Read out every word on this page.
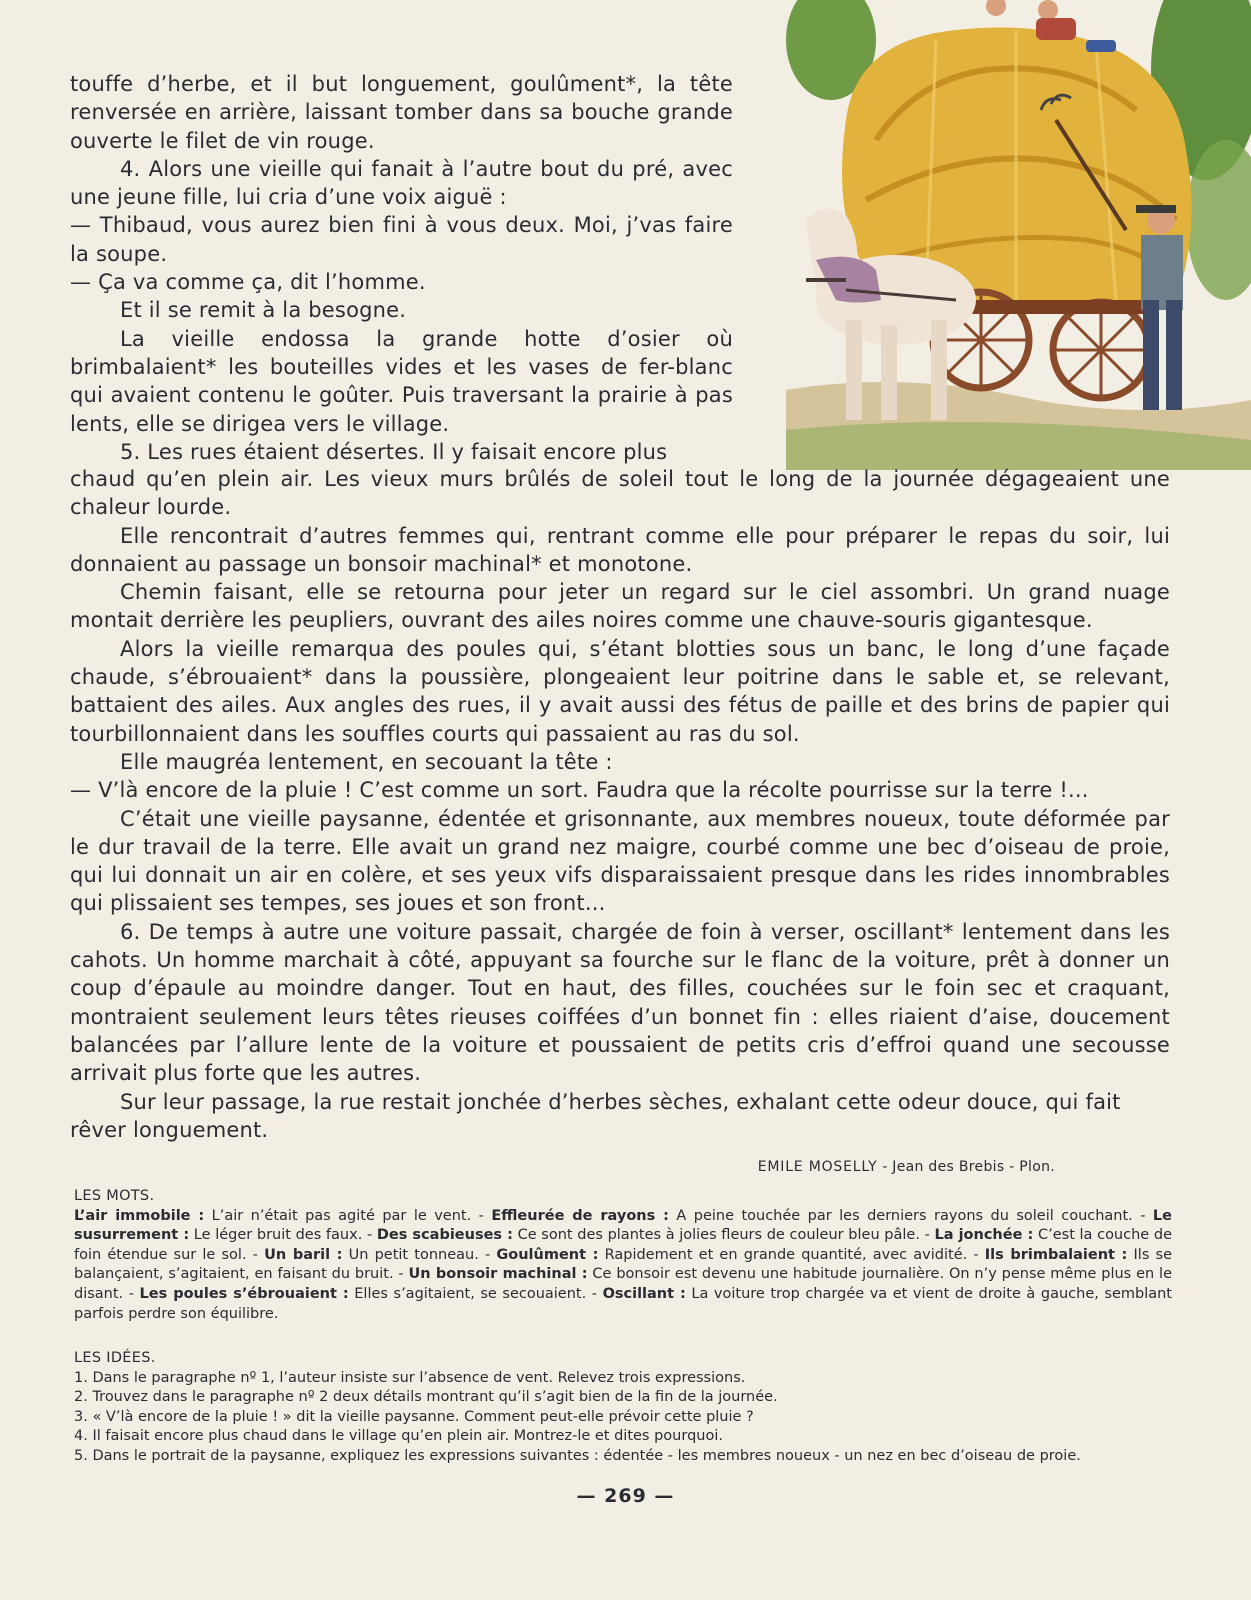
touffe d’herbe, et il but longuement, goulûment*, la tête renversée en arrière, laissant tomber dans sa bouche grande ouverte le filet de vin rouge.

4. Alors une vieille qui fanait à l’autre bout du pré, avec une jeune fille, lui cria d’une voix aiguë :

— Thibaud, vous aurez bien fini à vous deux. Moi, j’vas faire la soupe.

— Ça va comme ça, dit l’homme.

Et il se remit à la besogne.

La vieille endossa la grande hotte d’osier où brimbalaient* les bouteilles vides et les vases de fer-blanc qui avaient contenu le goûter. Puis traversant la prairie à pas lents, elle se dirigea vers le village.

5. Les rues étaient désertes. Il y faisait encore plus

chaud qu’en plein air. Les vieux murs brûlés de soleil tout le long de la journée dégageaient une chaleur lourde.

Elle rencontrait d’autres femmes qui, rentrant comme elle pour préparer le repas du soir, lui donnaient au passage un bonsoir machinal* et monotone.

Chemin faisant, elle se retourna pour jeter un regard sur le ciel assombri. Un grand nuage montait derrière les peupliers, ouvrant des ailes noires comme une chauve-souris gigantesque.

Alors la vieille remarqua des poules qui, s’étant blotties sous un banc, le long d’une façade chaude, s’ébrouaient* dans la poussière, plongeaient leur poitrine dans le sable et, se relevant, battaient des ailes. Aux angles des rues, il y avait aussi des fétus de paille et des brins de papier qui tourbillonnaient dans les souffles courts qui passaient au ras du sol.

Elle maugréa lentement, en secouant la tête :

— V’là encore de la pluie ! C’est comme un sort. Faudra que la récolte pourrisse sur la terre !...

C’était une vieille paysanne, édentée et grisonnante, aux membres noueux, toute déformée par le dur travail de la terre. Elle avait un grand nez maigre, courbé comme une bec d’oiseau de proie, qui lui donnait un air en colère, et ses yeux vifs disparaissaient presque dans les rides innombrables qui plissaient ses tempes, ses joues et son front...

6. De temps à autre une voiture passait, chargée de foin à verser, oscillant* lentement dans les cahots. Un homme marchait à côté, appuyant sa fourche sur le flanc de la voiture, prêt à donner un coup d’épaule au moindre danger. Tout en haut, des filles, couchées sur le foin sec et craquant, montraient seulement leurs têtes rieuses coiffées d’un bonnet fin : elles riaient d’aise, doucement balancées par l’allure lente de la voiture et poussaient de petits cris d’effroi quand une secousse arrivait plus forte que les autres.

Sur leur passage, la rue restait jonchée d’herbes sèches, exhalant cette odeur douce, qui fait rêver longuement.

EMILE MOSELLY - Jean des Brebis - Plon.

LES MOTS.

L’air immobile : L’air n’était pas agité par le vent. - Effleurée de rayons : A peine touchée par les derniers rayons du soleil couchant. - Le susurrement : Le léger bruit des faux. - Des scabieuses : Ce sont des plantes à jolies fleurs de couleur bleu pâle. - La jonchée : C’est la couche de foin étendue sur le sol. - Un baril : Un petit tonneau. - Goulûment : Rapidement et en grande quantité, avec avidité. - Ils brimbalaient : Ils se balançaient, s’agitaient, en faisant du bruit. - Un bonsoir machinal : Ce bonsoir est devenu une habitude journalière. On n’y pense même plus en le disant. - Les poules s’ébrouaient : Elles s’agitaient, se secouaient. - Oscillant : La voiture trop chargée va et vient de droite à gauche, semblant parfois perdre son équilibre.

LES IDÉES.

1. Dans le paragraphe nº 1, l’auteur insiste sur l’absence de vent. Relevez trois expressions.
2. Trouvez dans le paragraphe nº 2 deux détails montrant qu’il s’agit bien de la fin de la journée.
3. « V’là encore de la pluie ! » dit la vieille paysanne. Comment peut-elle prévoir cette pluie ?
4. Il faisait encore plus chaud dans le village qu’en plein air. Montrez-le et dites pourquoi.
5. Dans le portrait de la paysanne, expliquez les expressions suivantes : édentée - les membres noueux - un nez en bec d’oiseau de proie.
— 269 —
